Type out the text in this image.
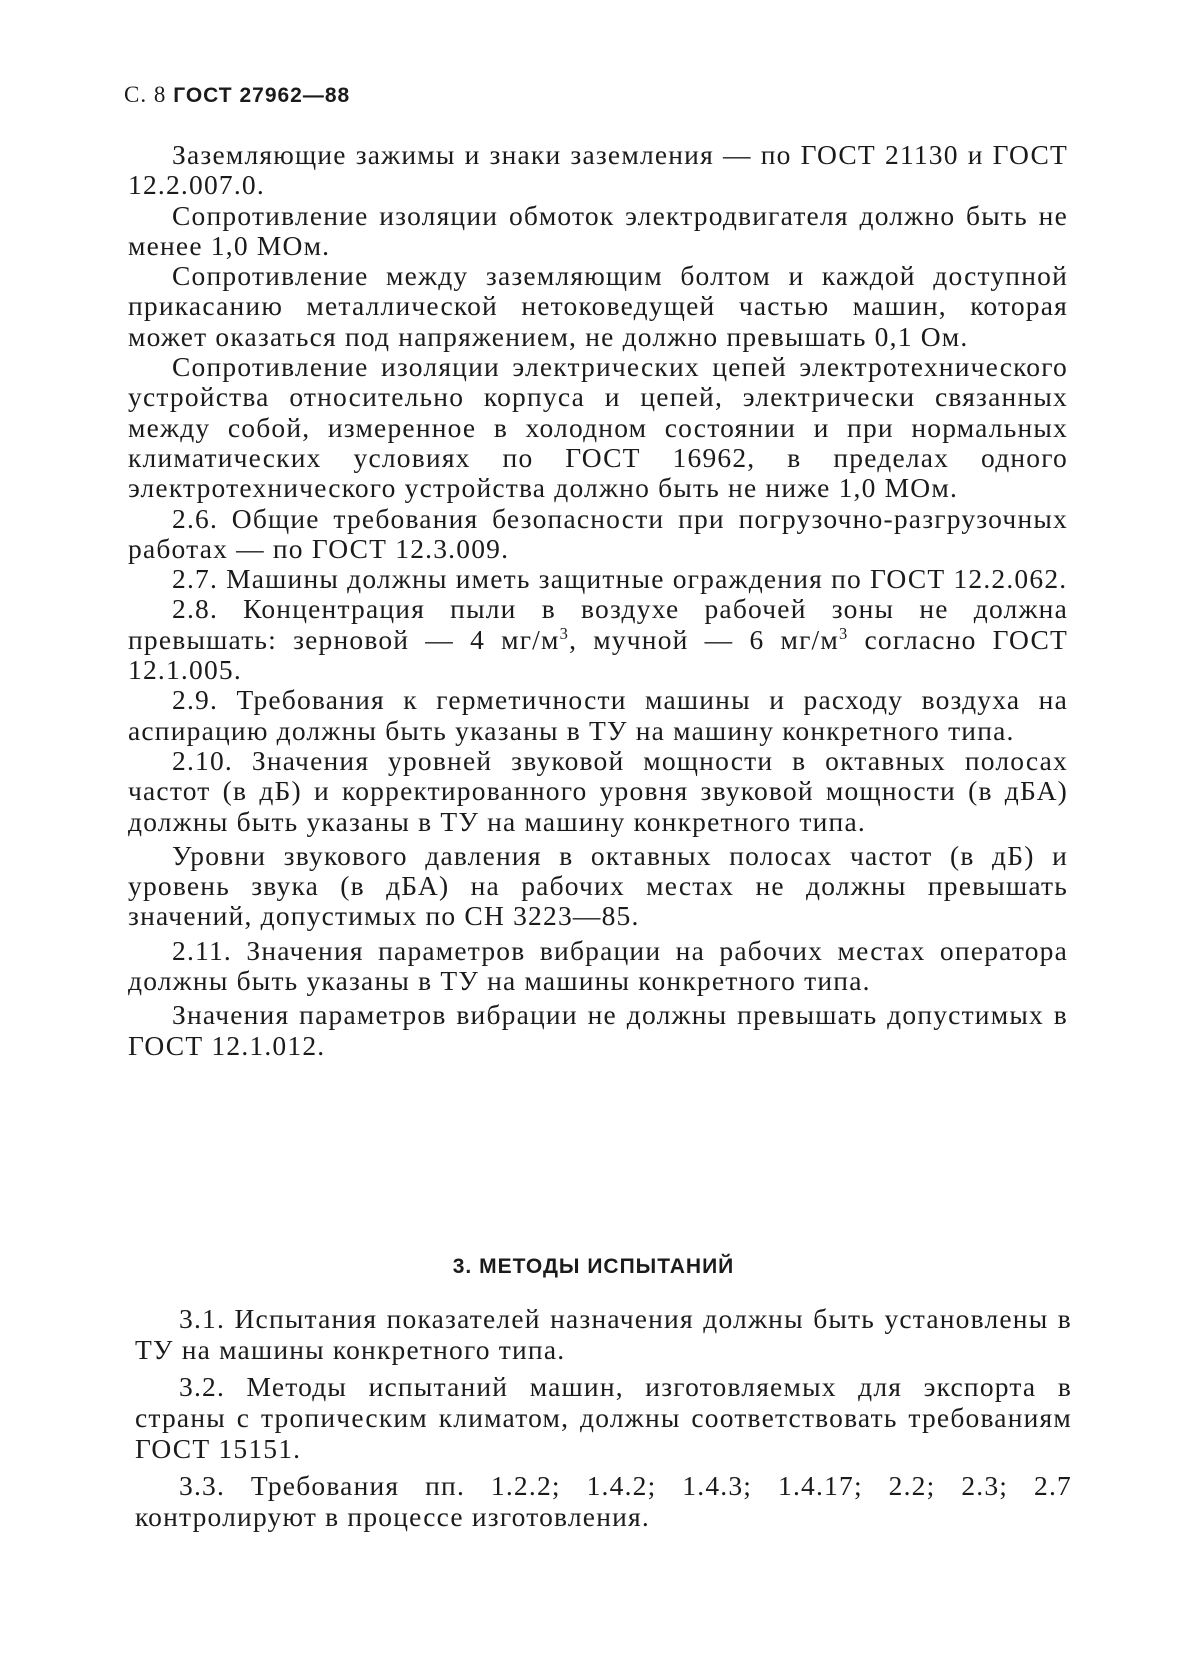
С. 8 ГОСТ 27962—88

Заземляющие зажимы и знаки заземления — по ГОСТ 21130 и ГОСТ 12.2.007.0.

Сопротивление изоляции обмоток электродвигателя должно быть не менее 1,0 МОм.

Сопротивление между заземляющим болтом и каждой доступной прикасанию металлической нетоковедущей частью машин, которая может оказаться под напряжением, не должно превышать 0,1 Ом.

Сопротивление изоляции электрических цепей электротехнического устройства относительно корпуса и цепей, электрически связанных между собой, измеренное в холодном состоянии и при нормальных климатических условиях по ГОСТ 16962, в пределах одного электротехнического устройства должно быть не ниже 1,0 МОм.

2.6. Общие требования безопасности при погрузочно-разгрузочных работах — по ГОСТ 12.3.009.

2.7. Машины должны иметь защитные ограждения по ГОСТ 12.2.062.

2.8. Концентрация пыли в воздухе рабочей зоны не должна превышать: зерновой — 4 $мг/м^3$, мучной — 6 $мг/м^3$ согласно ГОСТ 12.1.005.

2.9. Требования к герметичности машины и расходу воздуха на аспирацию должны быть указаны в ТУ на машину конкретного типа.

2.10. Значения уровней звуковой мощности в октавных полосах частот (в дБ) и корректированного уровня звуковой мощности (в дБА) должны быть указаны в ТУ на машину конкретного типа.

Уровни звукового давления в октавных полосах частот (в дБ) и уровень звука (в дБА) на рабочих местах не должны превышать значений, допустимых по СН 3223—85.

2.11. Значения параметров вибрации на рабочих местах оператора должны быть указаны в ТУ на машины конкретного типа.

Значения параметров вибрации не должны превышать допустимых в ГОСТ 12.1.012.

3. МЕТОДЫ ИСПЫТАНИЙ

3.1. Испытания показателей назначения должны быть установлены в ТУ на машины конкретного типа.

3.2. Методы испытаний машин, изготовляемых для экспорта в страны с тропическим климатом, должны соответствовать требованиям ГОСТ 15151.

3.3. Требования пп. 1.2.2; 1.4.2; 1.4.3; 1.4.17; 2.2; 2.3; 2.7 контролируют в процессе изготовления.
